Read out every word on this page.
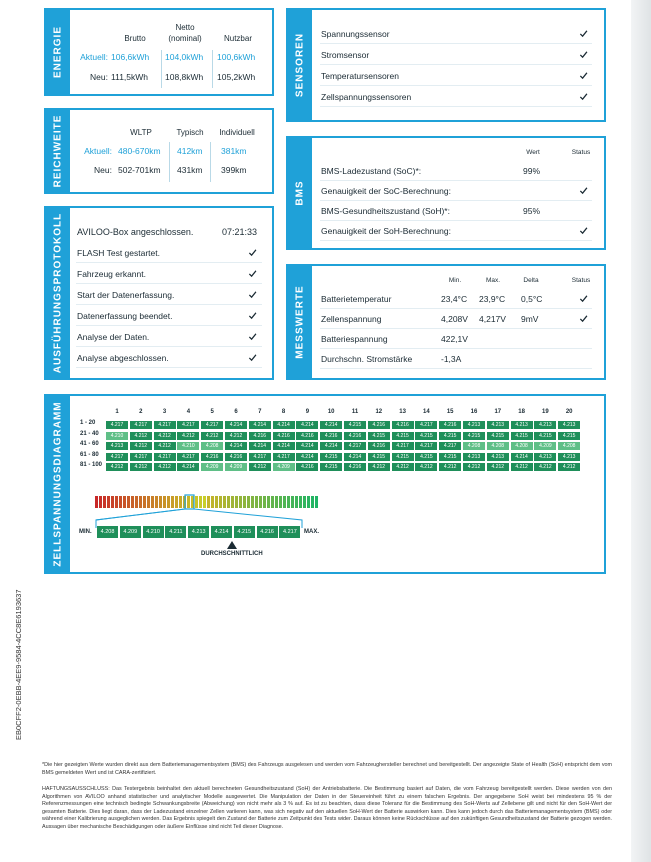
ENERGIE	Brutto
Netto
(nominal)	Nutzbar
Aktuell: 106,6kWh 104,0kWh 100,6kWh
Neu: 111,5kWh 108,8kWh 105,2kWh
REICHWEITE	WLTP	Typisch	Individuell
Aktuell: 480-670km 412km 381km
Neu: 502-701km 431km 399km
AUSFÜHRUNGSPROTOKOLL AVILOO-Box angeschlossen.	07:21:33
FLASH Test gestartet.
Fahrzeug erkannt.
Start der Datenerfassung.
Datenerfassung beendet.
Analyse der Daten.
Analyse abgeschlossen.
SENSOREN Spannungssensor
Stromsensor
Temperatursensoren
Zellspannungssensoren
BMS
Wert	Status
BMS-Ladezustand (SoC)*:	99%
Genauigkeit der SoC-Berechnung:
BMS-Gesundheitszustand (SoH)*:	95%
Genauigkeit der SoH-Berechnung:
MESSWERTE
Min.	Max.	Delta	Status
Batterietemperatur	23,4°C 23,9°C 0,5°C
Zellenspannung	4,208V 4,217V 9mV
Batteriespannung	422,1V
Durchschn. Stromstärke	-1,3A
ZELLSPANNUNGSDIAGRAMM	1	2	3	4	5	6	7	8	9	10	11	12	13	14	15	16	17	18	19	20
1 - 20	4.217	4.217	4.217	4.217	4.217	4.214	4.214	4.214	4.214	4.214	4.215	4.216	4.216	4.217	4.216	4.213	4.213	4.213	4.213	4.213
21 - 40	4.210	4.212	4.212	4.212	4.212	4.212	4.216	4.216	4.216	4.216	4.216	4.215	4.215	4.215	4.215	4.215	4.215	4.215	4.215	4.215
41 - 60	4.213	4.212	4.212	4.210	4.208	4.214	4.214	4.214	4.214	4.214	4.217	4.216	4.217	4.217	4.217	4.208	4.208	4.208	4.209	4.208
61 - 80	4.217	4.217	4.217	4.217	4.216	4.216	4.217	4.217	4.214	4.215	4.214	4.215	4.215	4.215	4.215	4.213	4.213	4.214	4.213	4.213
81 - 100	4.212	4.212	4.212	4.214	4.209	4.209	4.212	4.209	4.216	4.215	4.216	4.212	4.212	4.212	4.212	4.212	4.212	4.212	4.212	4.212
MIN.	MAX.
4.208	4.209	4.210	4.211	4.213	4.214	4.215	4.216	4.217
DURCHSCHNITTLICH
EB0CFF2-0EBB-4EE9-9584-4CC8E6193637
*Die hier gezeigten Werte wurden direkt aus dem Batteriemanagementsystem (BMS) des Fahrzeugs ausgelesen und werden vom Fahrzeughersteller berechnet und bereitgestellt. Der angezeigte State of Health (SoH) entspricht dem vom BMS gemeldeten Wert und ist CARA-zertifiziert.
HAFTUNGSAUSSCHLUSS: Das Testergebnis beinhaltet den aktuell berechneten Gesundheitszustand (SoH) der Antriebsbatterie. Die Bestimmung basiert auf Daten, die vom Fahrzeug bereitgestellt werden. Diese werden von den Algorithmen von AVILOO anhand statistischer und analytischer Modelle ausgewertet. Die Manipulation der Daten in der Steuereinheit führt zu einem falschen Ergebnis. Der angegebene SoH weist bei mindestens 95 % der Referenzmessungen eine technisch bedingte Schwankungsbreite (Abweichung) von nicht mehr als 3 % auf. Es ist zu beachten, dass diese Toleranz für die Bestimmung des SoH-Werts auf Zellebene gilt und nicht für den SoH-Wert der gesamten Batterie. Dies liegt daran, dass der Ladezustand einzelner Zellen variieren kann, was sich negativ auf den aktuellen SoH-Wert der Batterie auswirken kann. Dies kann jedoch durch das Batteriemanagementsystem (BMS) oder während einer Kalibrierung ausgeglichen werden. Das Ergebnis spiegelt den Zustand der Batterie zum Zeitpunkt des Tests wider. Daraus können keine Rückschlüsse auf den zukünftigen Gesundheitszustand der Batterie gezogen werden. Aussagen über mechanische Beschädigungen oder äußere Einflüsse sind nicht Teil dieser Diagnose.
